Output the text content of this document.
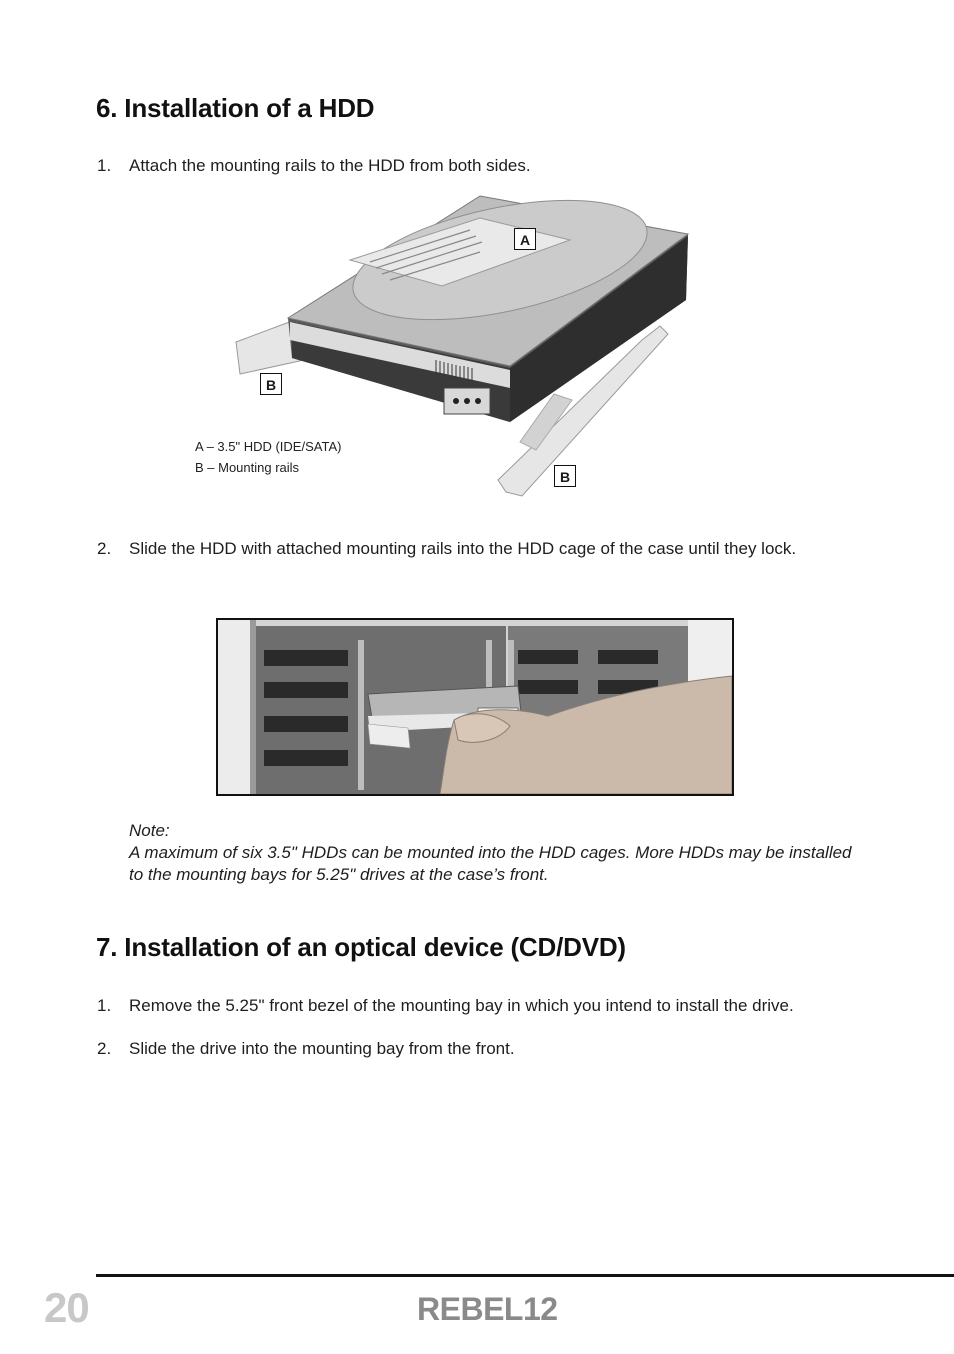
6. Installation of a HDD
1. Attach the mounting rails to the HDD from both sides.
A
B
B
A – 3.5" HDD (IDE/SATA)
B – Mounting rails
2. Slide the HDD with attached mounting rails into the HDD cage of the case until they lock.
Note:
A maximum of six 3.5" HDDs can be mounted into the HDD cages. More HDDs may be installed to the mounting bays for 5.25" drives at the case’s front.
7. Installation of an optical device (CD/DVD)
1. Remove the 5.25" front bezel of the mounting bay in which you intend to install the drive.
2. Slide the drive into the mounting bay from the front.
20	REBEL12
